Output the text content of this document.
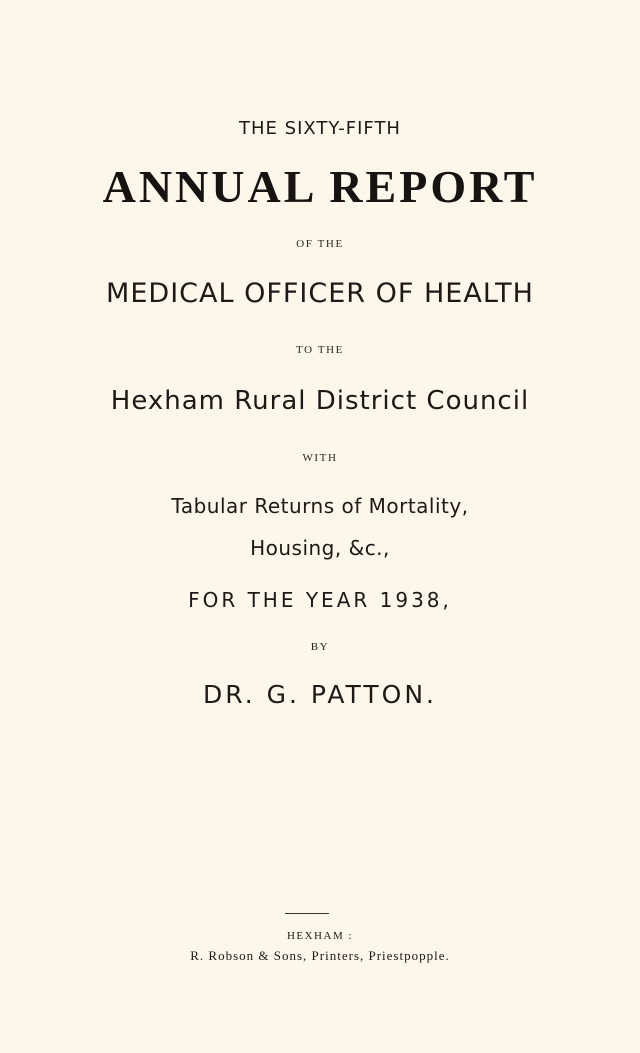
THE SIXTY-FIFTH
ANNUAL REPORT
OF THE
MEDICAL OFFICER OF HEALTH
TO THE
Hexham Rural District Council
WITH
Tabular Returns of Mortality,
Housing, &c.,
FOR THE YEAR 1938,
BY
DR. G. PATTON.
HEXHAM :
R. Robson & Sons, Printers, Priestpopple.
